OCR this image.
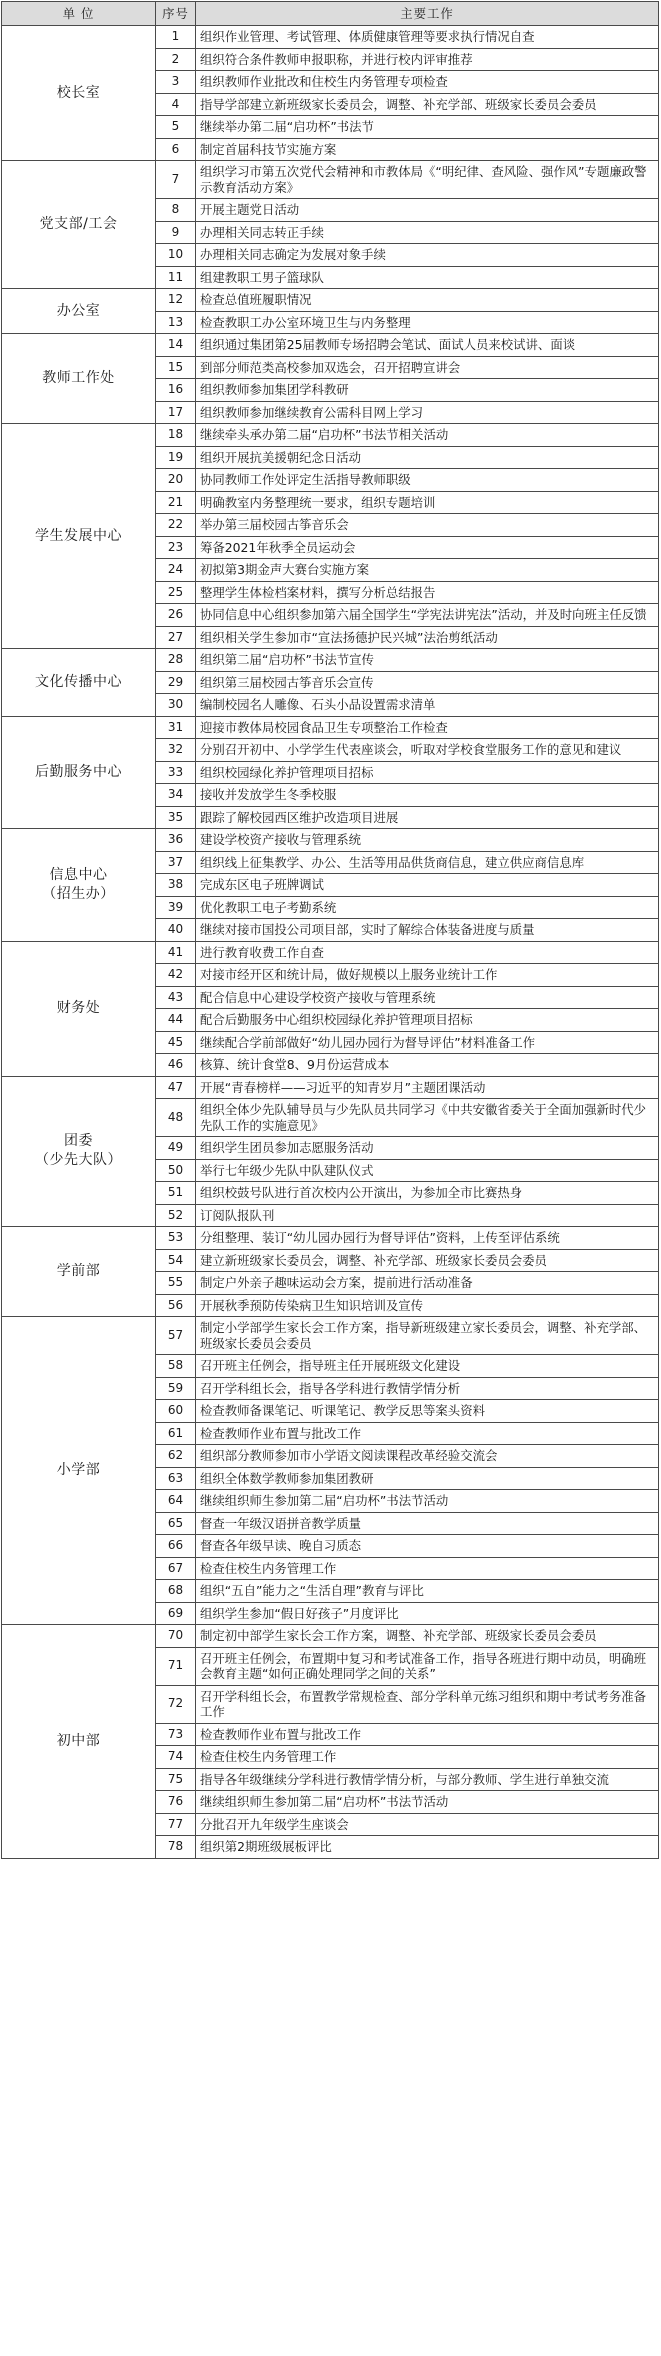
单 位	序号	主要工作
校长室	1	组织作业管理、考试管理、体质健康管理等要求执行情况自查
	2	组织符合条件教师申报职称，并进行校内评审推荐
	3	组织教师作业批改和住校生内务管理专项检查
	4	指导学部建立新班级家长委员会，调整、补充学部、班级家长委员会委员
	5	继续举办第二届“启功杯”书法节
	6	制定首届科技节实施方案
党支部/工会	7	组织学习市第五次党代会精神和市教体局《“明纪律、查风险、强作风”专题廉政警示教育活动方案》
	8	开展主题党日活动
	9	办理相关同志转正手续
	10	办理相关同志确定为发展对象手续
	11	组建教职工男子篮球队
办公室	12	检查总值班履职情况
	13	检查教职工办公室环境卫生与内务整理
教师工作处	14	组织通过集团第25届教师专场招聘会笔试、面试人员来校试讲、面谈
	15	到部分师范类高校参加双选会，召开招聘宣讲会
	16	组织教师参加集团学科教研
	17	组织教师参加继续教育公需科目网上学习
学生发展中心	18	继续牵头承办第二届“启功杯”书法节相关活动
	19	组织开展抗美援朝纪念日活动
	20	协同教师工作处评定生活指导教师职级
	21	明确教室内务整理统一要求，组织专题培训
	22	举办第三届校园古筝音乐会
	23	筹备2021年秋季全员运动会
	24	初拟第3期金声大赛台实施方案
	25	整理学生体检档案材料，撰写分析总结报告
	26	协同信息中心组织参加第六届全国学生“学宪法讲宪法”活动，并及时向班主任反馈
	27	组织相关学生参加市“宣法扬德护民兴城”法治剪纸活动
文化传播中心	28	组织第二届“启功杯”书法节宣传
	29	组织第三届校园古筝音乐会宣传
	30	编制校园名人雕像、石头小品设置需求清单
后勤服务中心	31	迎接市教体局校园食品卫生专项整治工作检查
	32	分别召开初中、小学学生代表座谈会，听取对学校食堂服务工作的意见和建议
	33	组织校园绿化养护管理项目招标
	34	接收并发放学生冬季校服
	35	跟踪了解校园西区维护改造项目进展
信息中心
（招生办）	36	建设学校资产接收与管理系统
	37	组织线上征集教学、办公、生活等用品供货商信息，建立供应商信息库
	38	完成东区电子班牌调试
	39	优化教职工电子考勤系统
	40	继续对接市国投公司项目部，实时了解综合体装备进度与质量
财务处	41	进行教育收费工作自查
	42	对接市经开区和统计局，做好规模以上服务业统计工作
	43	配合信息中心建设学校资产接收与管理系统
	44	配合后勤服务中心组织校园绿化养护管理项目招标
	45	继续配合学前部做好“幼儿园办园行为督导评估”材料准备工作
	46	核算、统计食堂8、9月份运营成本
团委
（少先大队）	47	开展“青春榜样——习近平的知青岁月”主题团课活动
	48	组织全体少先队辅导员与少先队员共同学习《中共安徽省委关于全面加强新时代少先队工作的实施意见》
	49	组织学生团员参加志愿服务活动
	50	举行七年级少先队中队建队仪式
	51	组织校鼓号队进行首次校内公开演出，为参加全市比赛热身
	52	订阅队报队刊
学前部	53	分组整理、装订“幼儿园办园行为督导评估”资料，上传至评估系统
	54	建立新班级家长委员会，调整、补充学部、班级家长委员会委员
	55	制定户外亲子趣味运动会方案，提前进行活动准备
	56	开展秋季预防传染病卫生知识培训及宣传
小学部	57	制定小学部学生家长会工作方案，指导新班级建立家长委员会，调整、补充学部、班级家长委员会委员
	58	召开班主任例会，指导班主任开展班级文化建设
	59	召开学科组长会，指导各学科进行教情学情分析
	60	检查教师备课笔记、听课笔记、教学反思等案头资料
	61	检查教师作业布置与批改工作
	62	组织部分教师参加市小学语文阅读课程改革经验交流会
	63	组织全体数学教师参加集团教研
	64	继续组织师生参加第二届“启功杯”书法节活动
	65	督查一年级汉语拼音教学质量
	66	督查各年级早读、晚自习质态
	67	检查住校生内务管理工作
	68	组织“五自”能力之“生活自理”教育与评比
	69	组织学生参加“假日好孩子”月度评比
初中部	70	制定初中部学生家长会工作方案，调整、补充学部、班级家长委员会委员
	71	召开班主任例会，布置期中复习和考试准备工作，指导各班进行期中动员，明确班会教育主题“如何正确处理同学之间的关系”
	72	召开学科组长会，布置教学常规检查、部分学科单元练习组织和期中考试考务准备工作
	73	检查教师作业布置与批改工作
	74	检查住校生内务管理工作
	75	指导各年级继续分学科进行教情学情分析，与部分教师、学生进行单独交流
	76	继续组织师生参加第二届“启功杯”书法节活动
	77	分批召开九年级学生座谈会
	78	组织第2期班级展板评比
